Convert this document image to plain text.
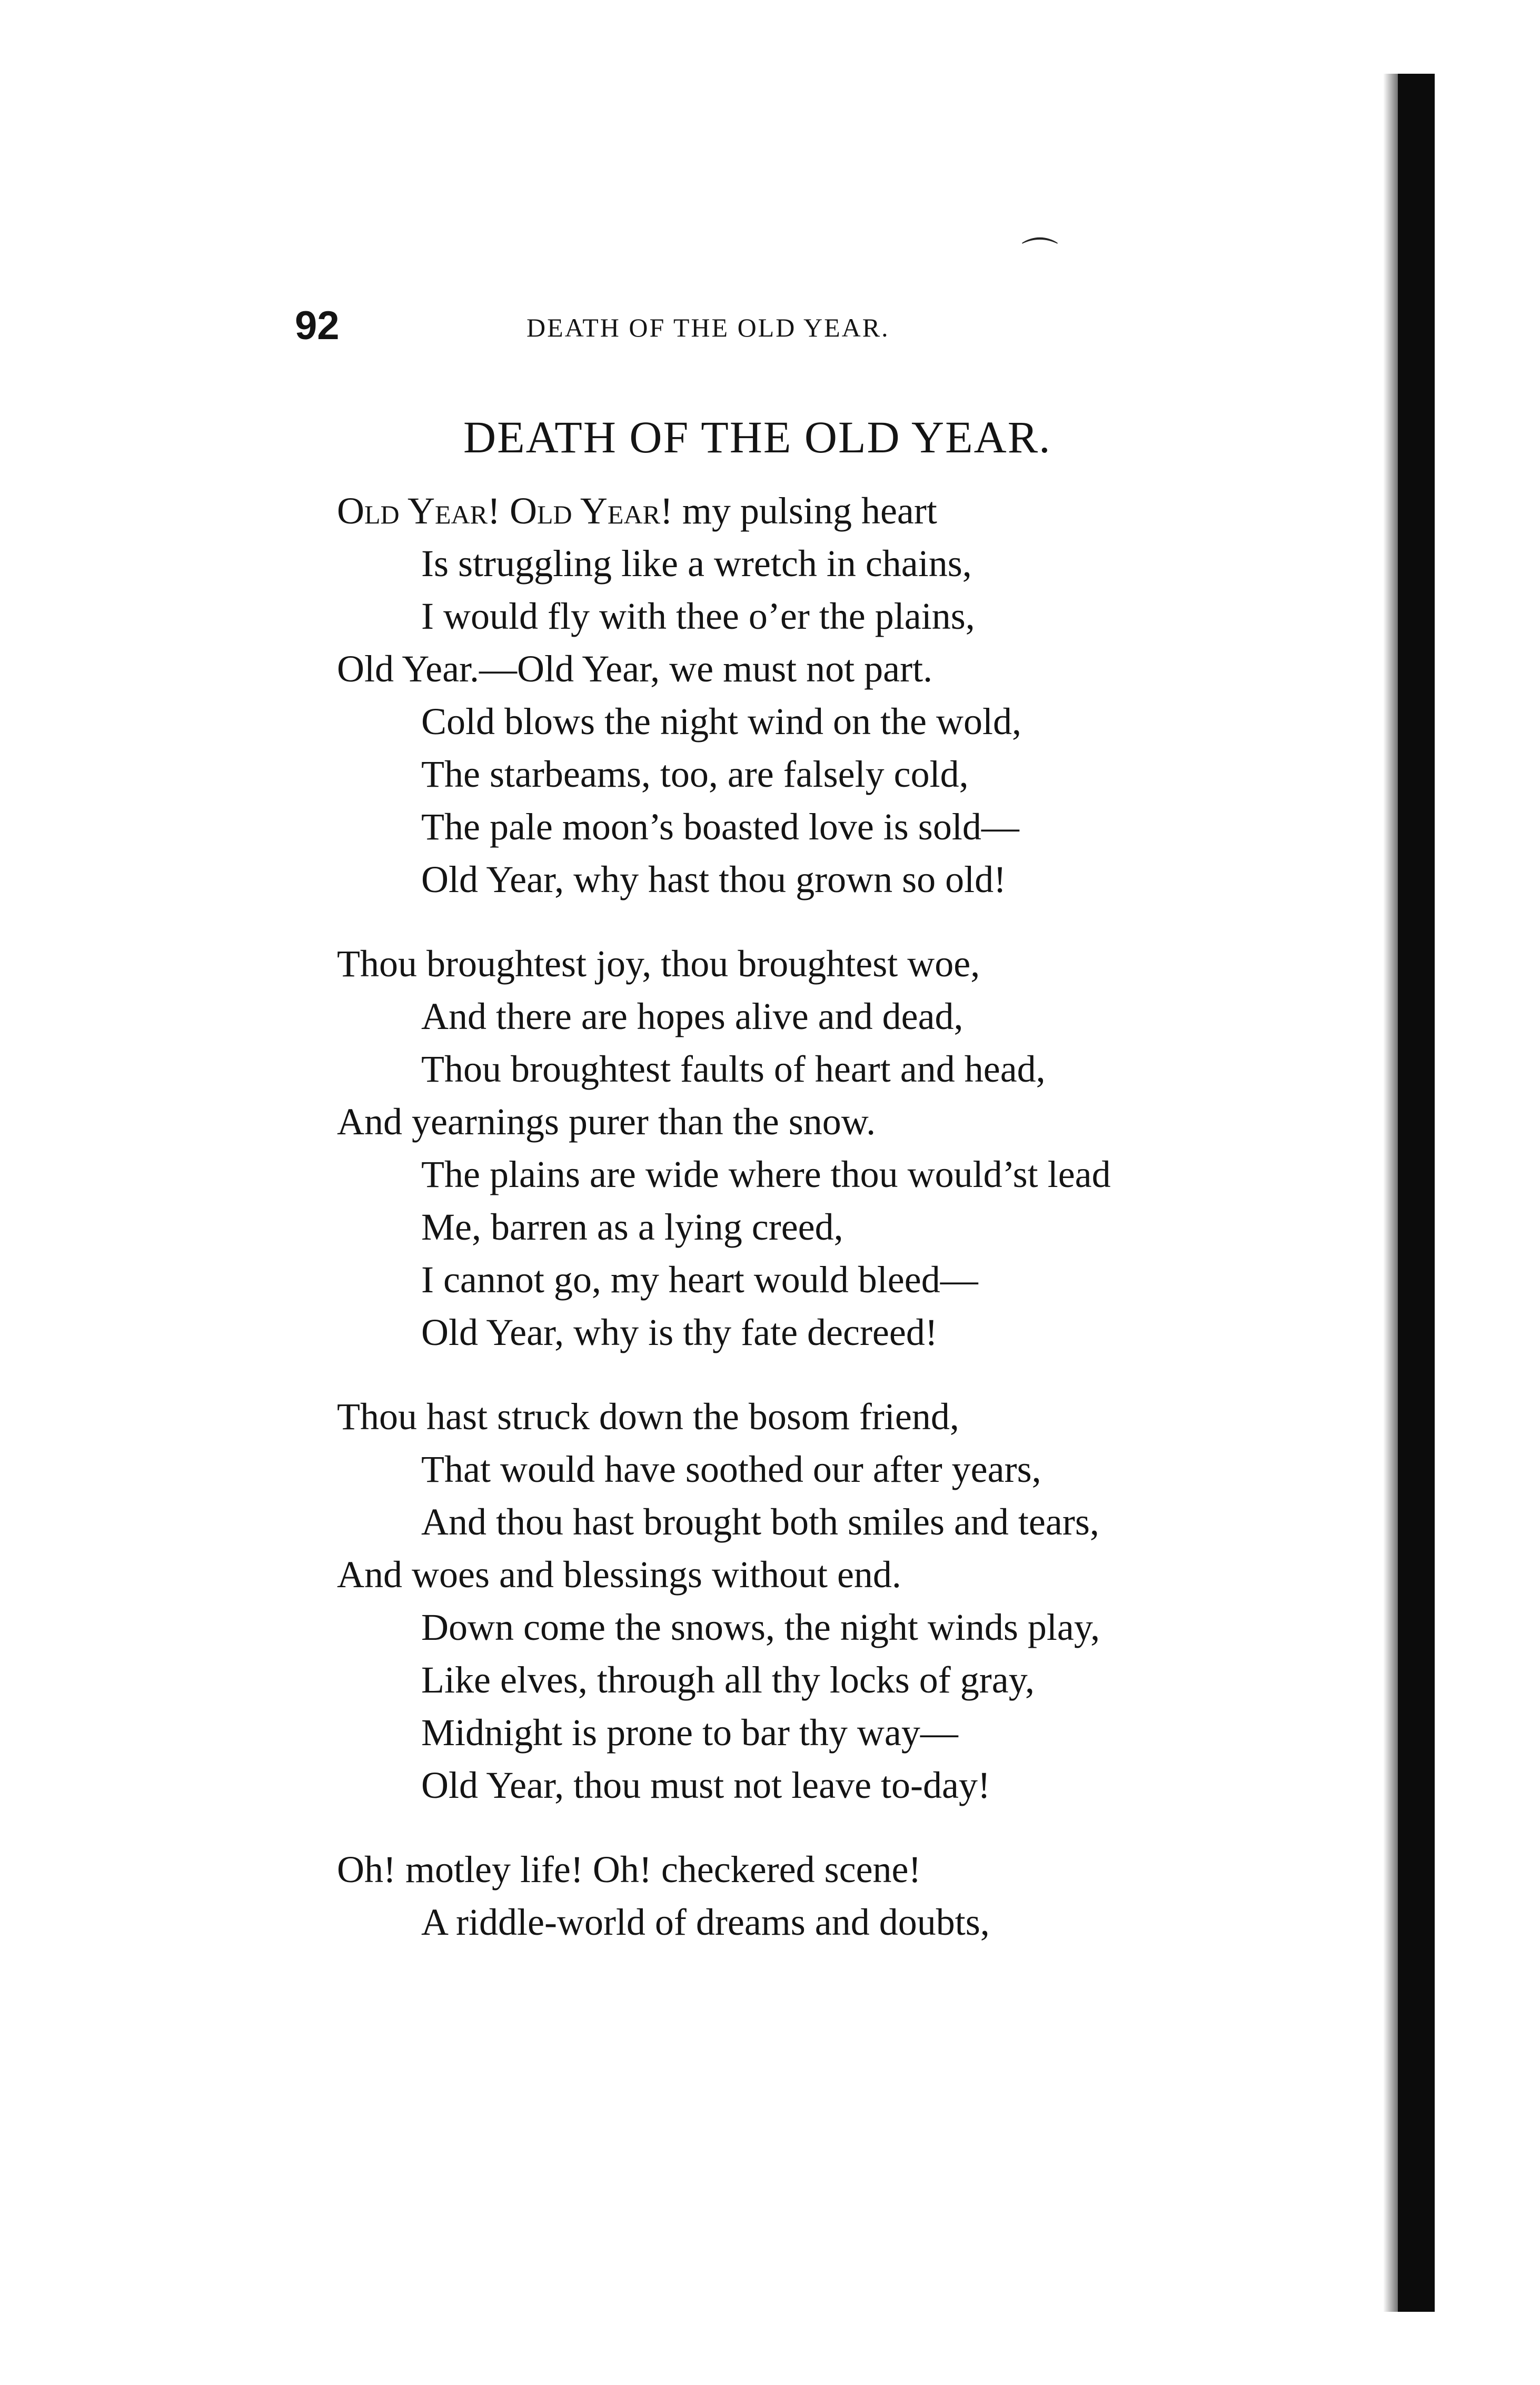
⌒
92	DEATH OF THE OLD YEAR.
DEATH OF THE OLD YEAR.
Old Year! Old Year! my pulsing heart
Is struggling like a wretch in chains,
I would fly with thee o’er the plains,
Old Year.—Old Year, we must not part.
Cold blows the night wind on the wold,
The starbeams, too, are falsely cold,
The pale moon’s boasted love is sold—
Old Year, why hast thou grown so old!
Thou broughtest joy, thou broughtest woe,
And there are hopes alive and dead,
Thou broughtest faults of heart and head,
And yearnings purer than the snow.
The plains are wide where thou would’st lead
Me, barren as a lying creed,
I cannot go, my heart would bleed—
Old Year, why is thy fate decreed!
Thou hast struck down the bosom friend,
That would have soothed our after years,
And thou hast brought both smiles and tears,
And woes and blessings without end.
Down come the snows, the night winds play,
Like elves, through all thy locks of gray,
Midnight is prone to bar thy way—
Old Year, thou must not leave to-day!
Oh! motley life! Oh! checkered scene!
A riddle-world of dreams and doubts,
